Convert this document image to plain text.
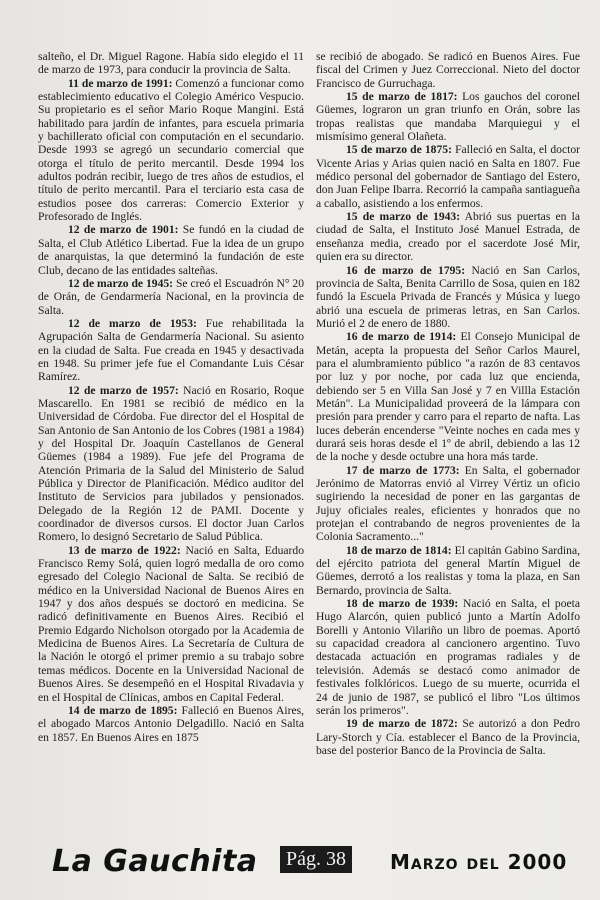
salteño, el Dr. Miguel Ragone. Había sido elegido el 11 de marzo de 1973, para conducir la provincia de Salta.

11 de marzo de 1991: Comenzó a funcionar como establecimiento educativo el Colegio Américo Vespucio. Su propietario es el señor Mario Roque Mangini. Está habilitado para jardín de infantes, para escuela primaria y bachillerato oficial con computación en el secundario. Desde 1993 se agregó un secundario comercial que otorga el título de perito mercantil. Desde 1994 los adultos podrán recibir, luego de tres años de estudios, el título de perito mercantil. Para el terciario esta casa de estudios posee dos carreras: Comercio Exterior y Profesorado de Inglés.

12 de marzo de 1901: Se fundó en la ciudad de Salta, el Club Atlético Libertad. Fue la idea de un grupo de anarquistas, la que determinó la fundación de este Club, decano de las entidades salteñas.

12 de marzo de 1945: Se creó el Escuadrón N° 20 de Orán, de Gendarmería Nacional, en la provincia de Salta.

12 de marzo de 1953: Fue rehabilitada la Agrupación Salta de Gendarmería Nacional. Su asiento en la ciudad de Salta. Fue creada en 1945 y desactivada en 1948. Su primer jefe fue el Comandante Luis César Ramírez.

12 de marzo de 1957: Nació en Rosario, Roque Mascarello. En 1981 se recibió de médico en la Universidad de Córdoba. Fue director del el Hospital de San Antonio de San Antonio de los Cobres (1981 a 1984) y del Hospital Dr. Joaquín Castellanos de General Güemes (1984 a 1989). Fue jefe del Programa de Atención Primaria de la Salud del Ministerio de Salud Pública y Director de Planificación. Médico auditor del Instituto de Servicios para jubilados y pensionados. Delegado de la Región 12 de PAMI. Docente y coordinador de diversos cursos. El doctor Juan Carlos Romero, lo designó Secretario de Salud Pública.

13 de marzo de 1922: Nació en Salta, Eduardo Francisco Remy Solá, quien logró medalla de oro como egresado del Colegio Nacional de Salta. Se recibió de médico en la Universidad Nacional de Buenos Aires en 1947 y dos años después se doctoró en medicina. Se radicó definitivamente en Buenos Aires. Recibió el Premio Edgardo Nicholson otorgado por la Academia de Medicina de Buenos Aires. La Secretaría de Cultura de la Nación le otorgó el primer premio a su trabajo sobre temas médicos. Docente en la Universidad Nacional de Buenos Aires. Se desempeñó en el Hospital Rivadavia y en el Hospital de Clínicas, ambos en Capital Federal.

14 de marzo de 1895: Falleció en Buenos Aires, el abogado Marcos Antonio Delgadillo. Nació en Salta en 1857. En Buenos Aires en 1875

se recibió de abogado. Se radicó en Buenos Aires. Fue fiscal del Crimen y Juez Correccional. Nieto del doctor Francisco de Gurruchaga.

15 de marzo de 1817: Los gauchos del coronel Güemes, lograron un gran triunfo en Orán, sobre las tropas realistas que mandaba Marquiegui y el mismísimo general Olañeta.

15 de marzo de 1875: Falleció en Salta, el doctor Vicente Arias y Arias quien nació en Salta en 1807. Fue médico personal del gobernador de Santiago del Estero, don Juan Felipe Ibarra. Recorrió la campaña santiagueña a caballo, asistiendo a los enfermos.

15 de marzo de 1943: Abrió sus puertas en la ciudad de Salta, el Instituto José Manuel Estrada, de enseñanza media, creado por el sacerdote José Mir, quien era su director.

16 de marzo de 1795: Nació en San Carlos, provincia de Salta, Benita Carrillo de Sosa, quien en 182 fundó la Escuela Privada de Francés y Música y luego abrió una escuela de primeras letras, en San Carlos. Murió el 2 de enero de 1880.

16 de marzo de 1914: El Consejo Municipal de Metán, acepta la propuesta del Señor Carlos Maurel, para el alumbramiento público "a razón de 83 centavos por luz y por noche, por cada luz que encienda, debiendo ser 5 en Villa San José y 7 en Villla Estación Metán". La Municipalidad proveerá de la lámpara con presión para prender y carro para el reparto de nafta. Las luces deberán encenderse "Veinte noches en cada mes y durará seis horas desde el 1º de abril, debiendo a las 12 de la noche y desde octubre una hora más tarde.

17 de marzo de 1773: En Salta, el gobernador Jerónimo de Matorras envió al Virrey Vértiz un oficio sugiriendo la necesidad de poner en las gargantas de Jujuy oficiales reales, eficientes y honrados que no protejan el contrabando de negros provenientes de la Colonia Sacramento..."

18 de marzo de 1814: El capitán Gabino Sardina, del ejército patriota del general Martín Miguel de Güemes, derrotó a los realistas y toma la plaza, en San Bernardo, provincia de Salta.

18 de marzo de 1939: Nació en Salta, el poeta Hugo Alarcón, quien publicó junto a Martín Adolfo Borelli y Antonio Vilariño un libro de poemas. Aportó su capacidad creadora al cancionero argentino. Tuvo destacada actuación en programas radiales y de televisión. Además se destacó como animador de festivales folklóricos. Luego de su muerte, ocurrida el 24 de junio de 1987, se publicó el libro "Los últimos serán los primeros".

19 de marzo de 1872: Se autorizó a don Pedro Lary-Storch y Cía. establecer el Banco de la Provincia, base del posterior Banco de la Provincia de Salta.

La Gauchita	Pág. 38	Marzo del 2000
